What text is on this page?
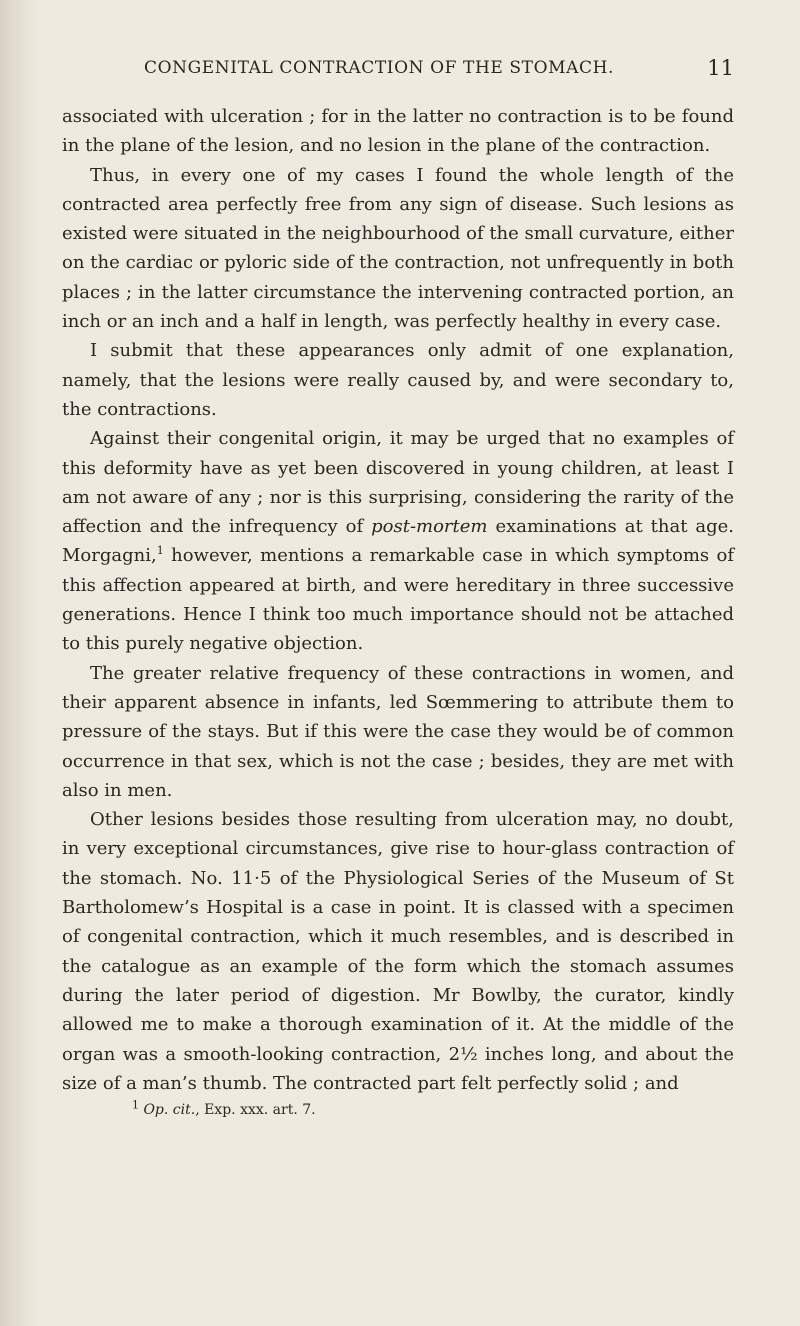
CONGENITAL CONTRACTION OF THE STOMACH.	11

associated with ulceration ; for in the latter no contraction is to be found in the plane of the lesion, and no lesion in the plane of the contraction.

Thus, in every one of my cases I found the whole length of the contracted area perfectly free from any sign of disease. Such lesions as existed were situated in the neighbourhood of the small curvature, either on the cardiac or pyloric side of the contraction, not unfrequently in both places ; in the latter circumstance the intervening contracted portion, an inch or an inch and a half in length, was perfectly healthy in every case.

I submit that these appearances only admit of one explanation, namely, that the lesions were really caused by, and were secondary to, the contractions.

Against their congenital origin, it may be urged that no examples of this deformity have as yet been discovered in young children, at least I am not aware of any ; nor is this surprising, considering the rarity of the affection and the infrequency of post-mortem examinations at that age. Morgagni,$^1$ however, mentions a remarkable case in which symptoms of this affection appeared at birth, and were hereditary in three successive generations. Hence I think too much importance should not be attached to this purely negative objection.

The greater relative frequency of these contractions in women, and their apparent absence in infants, led Sœmmering to attribute them to pressure of the stays. But if this were the case they would be of common occurrence in that sex, which is not the case ; besides, they are met with also in men.

Other lesions besides those resulting from ulceration may, no doubt, in very exceptional circumstances, give rise to hour-glass contraction of the stomach. No. 11·5 of the Physiological Series of the Museum of St Bartholomew’s Hospital is a case in point. It is classed with a specimen of congenital contraction, which it much resembles, and is described in the catalogue as an example of the form which the stomach assumes during the later period of digestion. Mr Bowlby, the curator, kindly allowed me to make a thorough examination of it. At the middle of the organ was a smooth-looking contraction, 2½ inches long, and about the size of a man’s thumb. The contracted part felt perfectly solid ; and

$^1$ Op. cit., Exp. xxx. art. 7.
